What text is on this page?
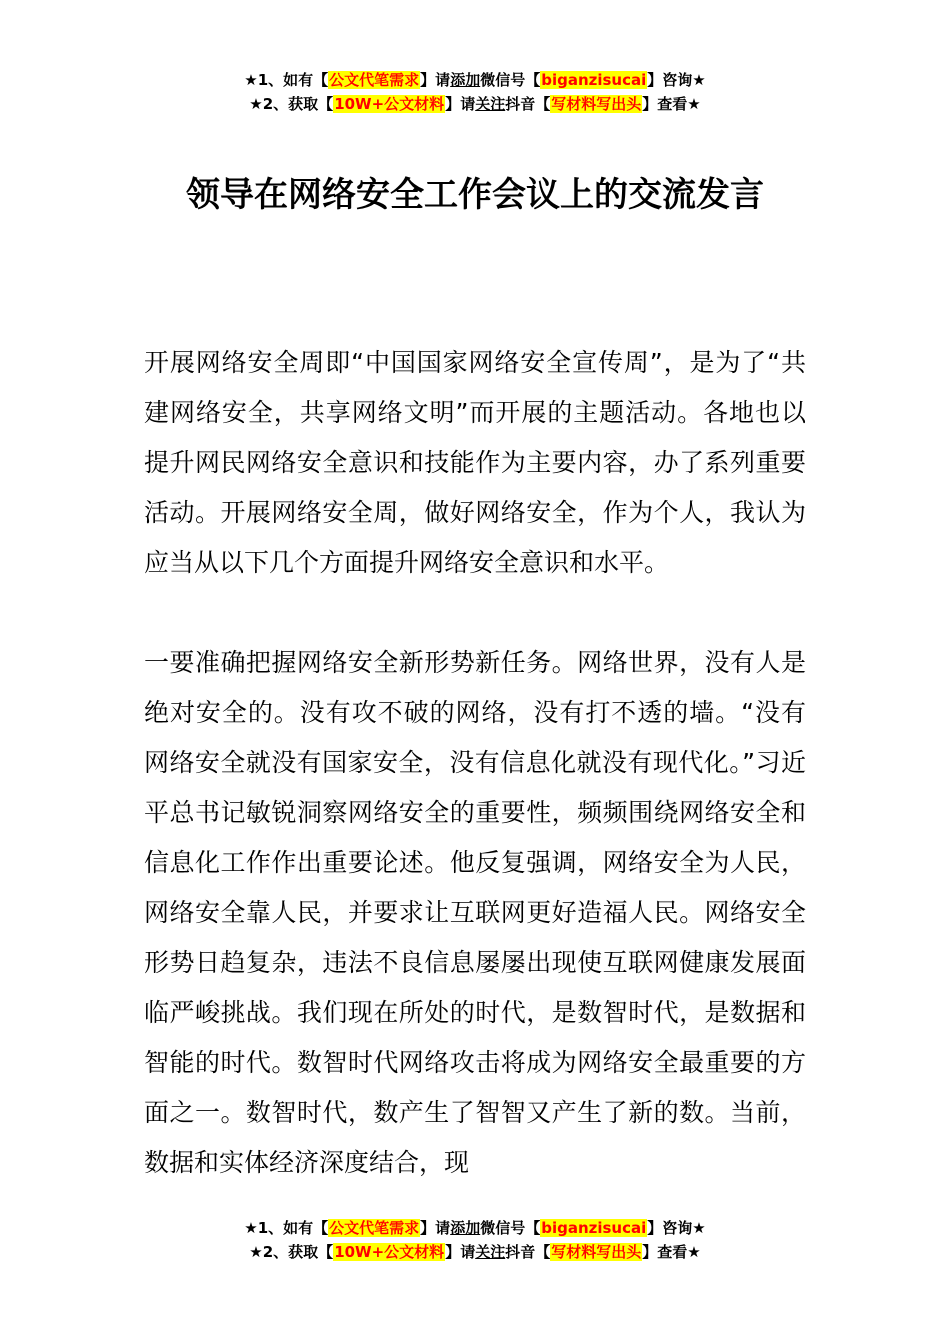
★1、如有【公文代笔需求】请添加微信号【biganzisucai】咨询★
★2、获取【10W+公文材料】请关注抖音【写材料写出头】查看★
领导在网络安全工作会议上的交流发言

开展网络安全周即“中国国家网络安全宣传周”，是为了“共建网络安全，共享网络文明”而开展的主题活动。各地也以提升网民网络安全意识和技能作为主要内容，办了系列重要活动。开展网络安全周，做好网络安全，作为个人，我认为应当从以下几个方面提升网络安全意识和水平。

一要准确把握网络安全新形势新任务。网络世界，没有人是绝对安全的。没有攻不破的网络，没有打不透的墙。“没有网络安全就没有国家安全，没有信息化就没有现代化。”习近平总书记敏锐洞察网络安全的重要性，频频围绕网络安全和信息化工作作出重要论述。他反复强调，网络安全为人民，网络安全靠人民，并要求让互联网更好造福人民。网络安全形势日趋复杂，违法不良信息屡屡出现使互联网健康发展面临严峻挑战。我们现在所处的时代，是数智时代，是数据和智能的时代。数智时代网络攻击将成为网络安全最重要的方面之一。数智时代，数产生了智智又产生了新的数。当前，数据和实体经济深度结合，现

★1、如有【公文代笔需求】请添加微信号【biganzisucai】咨询★
★2、获取【10W+公文材料】请关注抖音【写材料写出头】查看★
